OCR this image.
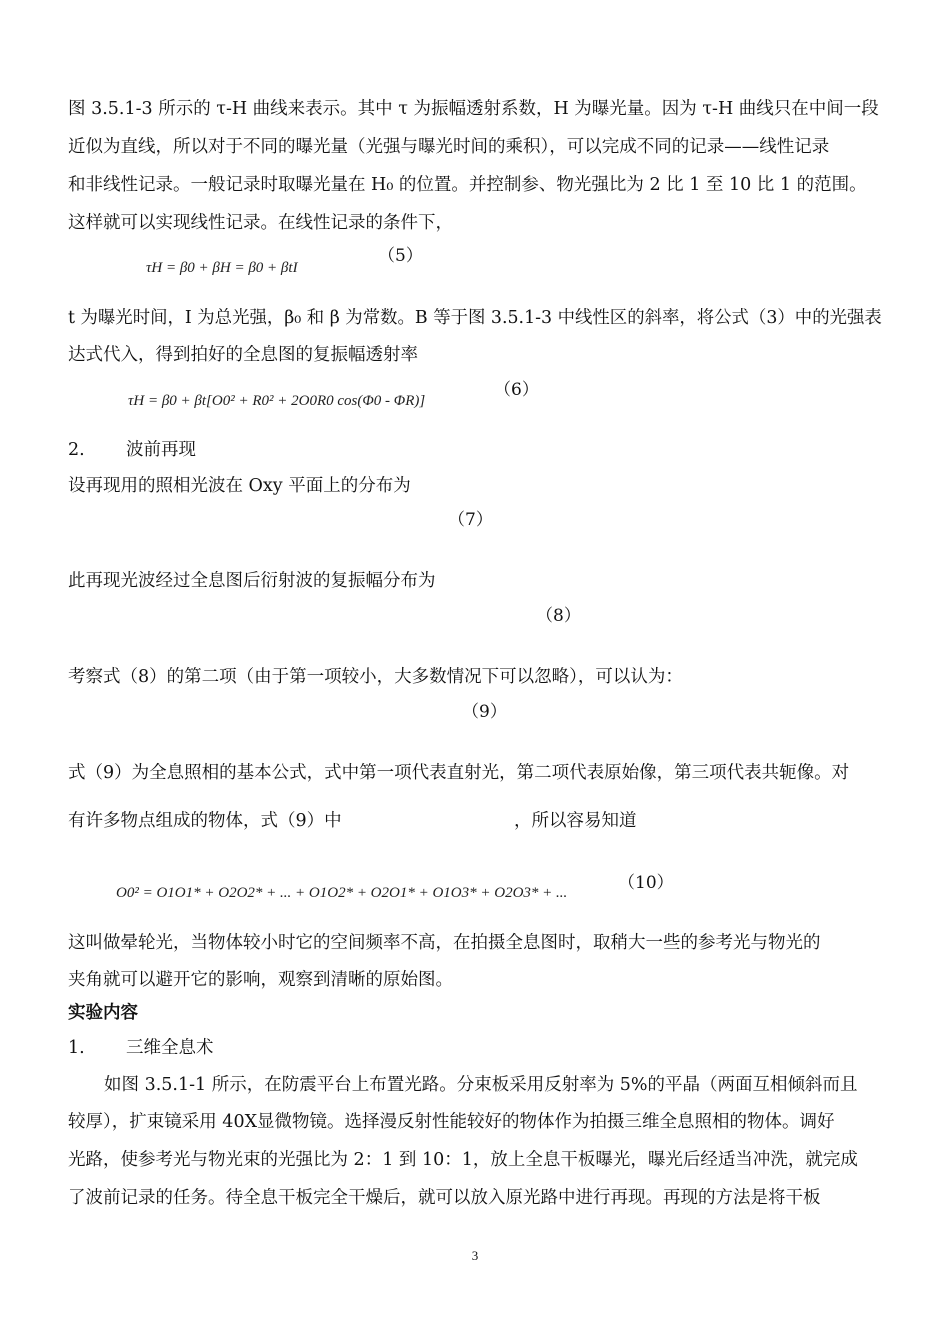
图 3.5.1-3 所示的 τ-H 曲线来表示。其中 τ 为振幅透射系数，H 为曝光量。因为 τ-H 曲线只在中间一段
近似为直线，所以对于不同的曝光量（光强与曝光时间的乘积），可以完成不同的记录——线性记录
和非线性记录。一般记录时取曝光量在 H₀ 的位置。并控制参、物光强比为 2 比 1 至 10 比 1 的范围。
这样就可以实现线性记录。在线性记录的条件下，
τH = β0 + βH = β0 + βtI
（5）
t 为曝光时间，I 为总光强，β₀ 和 β 为常数。B 等于图 3.5.1-3 中线性区的斜率，将公式（3）中的光强表
达式代入，得到拍好的全息图的复振幅透射率
τH = β0 + βt[O0² + R0² + 2O0R0 cos(Φ0 - ΦR)]
（6）
2. 波前再现
设再现用的照相光波在 Oxy 平面上的分布为
（7）
此再现光波经过全息图后衍射波的复振幅分布为
（8）
考察式（8）的第二项（由于第一项较小，大多数情况下可以忽略），可以认为：
（9）
式（9）为全息照相的基本公式，式中第一项代表直射光，第二项代表原始像，第三项代表共轭像。对
有许多物点组成的物体，式（9）中	，所以容易知道
O0² = O1O1* + O2O2* + ... + O1O2* + O2O1* + O1O3* + O2O3* + ...	（10）
这叫做晕轮光，当物体较小时它的空间频率不高，在拍摄全息图时，取稍大一些的参考光与物光的
夹角就可以避开它的影响，观察到清晰的原始图。
实验内容
1. 三维全息术
如图 3.5.1-1 所示，在防震平台上布置光路。分束板采用反射率为 5%的平晶（两面互相倾斜而且
较厚），扩束镜采用 40X显微物镜。选择漫反射性能较好的物体作为拍摄三维全息照相的物体。调好
光路，使参考光与物光束的光强比为 2：1 到 10：1，放上全息干板曝光，曝光后经适当冲洗，就完成
了波前记录的任务。待全息干板完全干燥后，就可以放入原光路中进行再现。再现的方法是将干板
3
